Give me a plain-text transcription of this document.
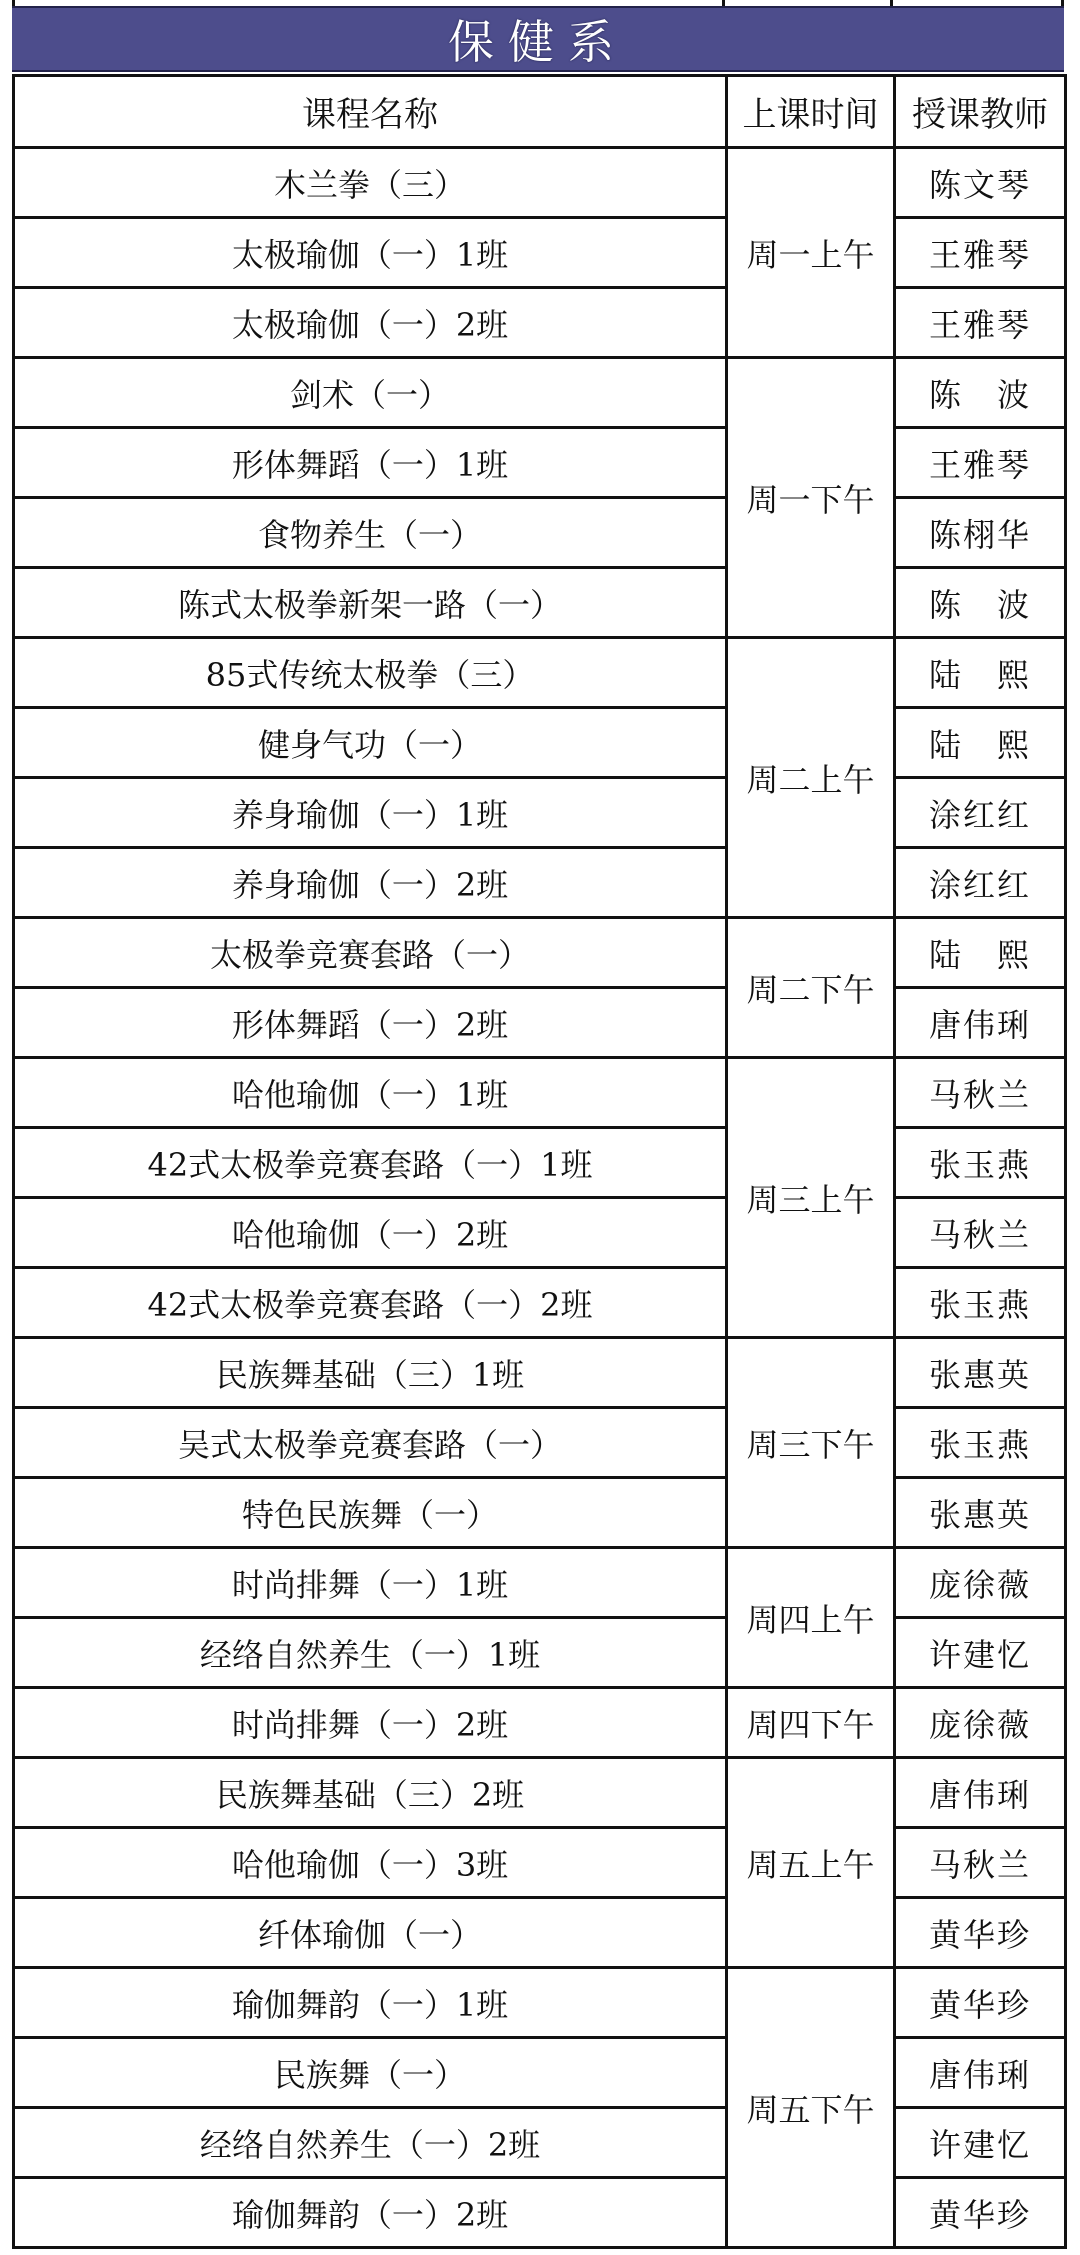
保健系
课程名称	上课时间	授课教师
木兰拳（三）	周一上午	陈文琴
太极瑜伽（一）1班		王雅琴
太极瑜伽（一）2班		王雅琴
剑术（一）	周一下午	陈　波
形体舞蹈（一）1班		王雅琴
食物养生（一）		陈栩华
陈式太极拳新架一路（一）		陈　波
85式传统太极拳（三）	周二上午	陆　熙
健身气功（一）		陆　熙
养身瑜伽（一）1班		涂红红
养身瑜伽（一）2班		涂红红
太极拳竞赛套路（一）	周二下午	陆　熙
形体舞蹈（一）2班		唐伟琍
哈他瑜伽（一）1班	周三上午	马秋兰
42式太极拳竞赛套路（一）1班		张玉燕
哈他瑜伽（一）2班		马秋兰
42式太极拳竞赛套路（一）2班		张玉燕
民族舞基础（三）1班	周三下午	张惠英
吴式太极拳竞赛套路（一）		张玉燕
特色民族舞（一）		张惠英
时尚排舞（一）1班	周四上午	庞徐薇
经络自然养生（一）1班		许建忆
时尚排舞（一）2班	周四下午	庞徐薇
民族舞基础（三）2班	周五上午	唐伟琍
哈他瑜伽（一）3班		马秋兰
纤体瑜伽（一）		黄华珍
瑜伽舞韵（一）1班	周五下午	黄华珍
民族舞（一）		唐伟琍
经络自然养生（一）2班		许建忆
瑜伽舞韵（一）2班		黄华珍
